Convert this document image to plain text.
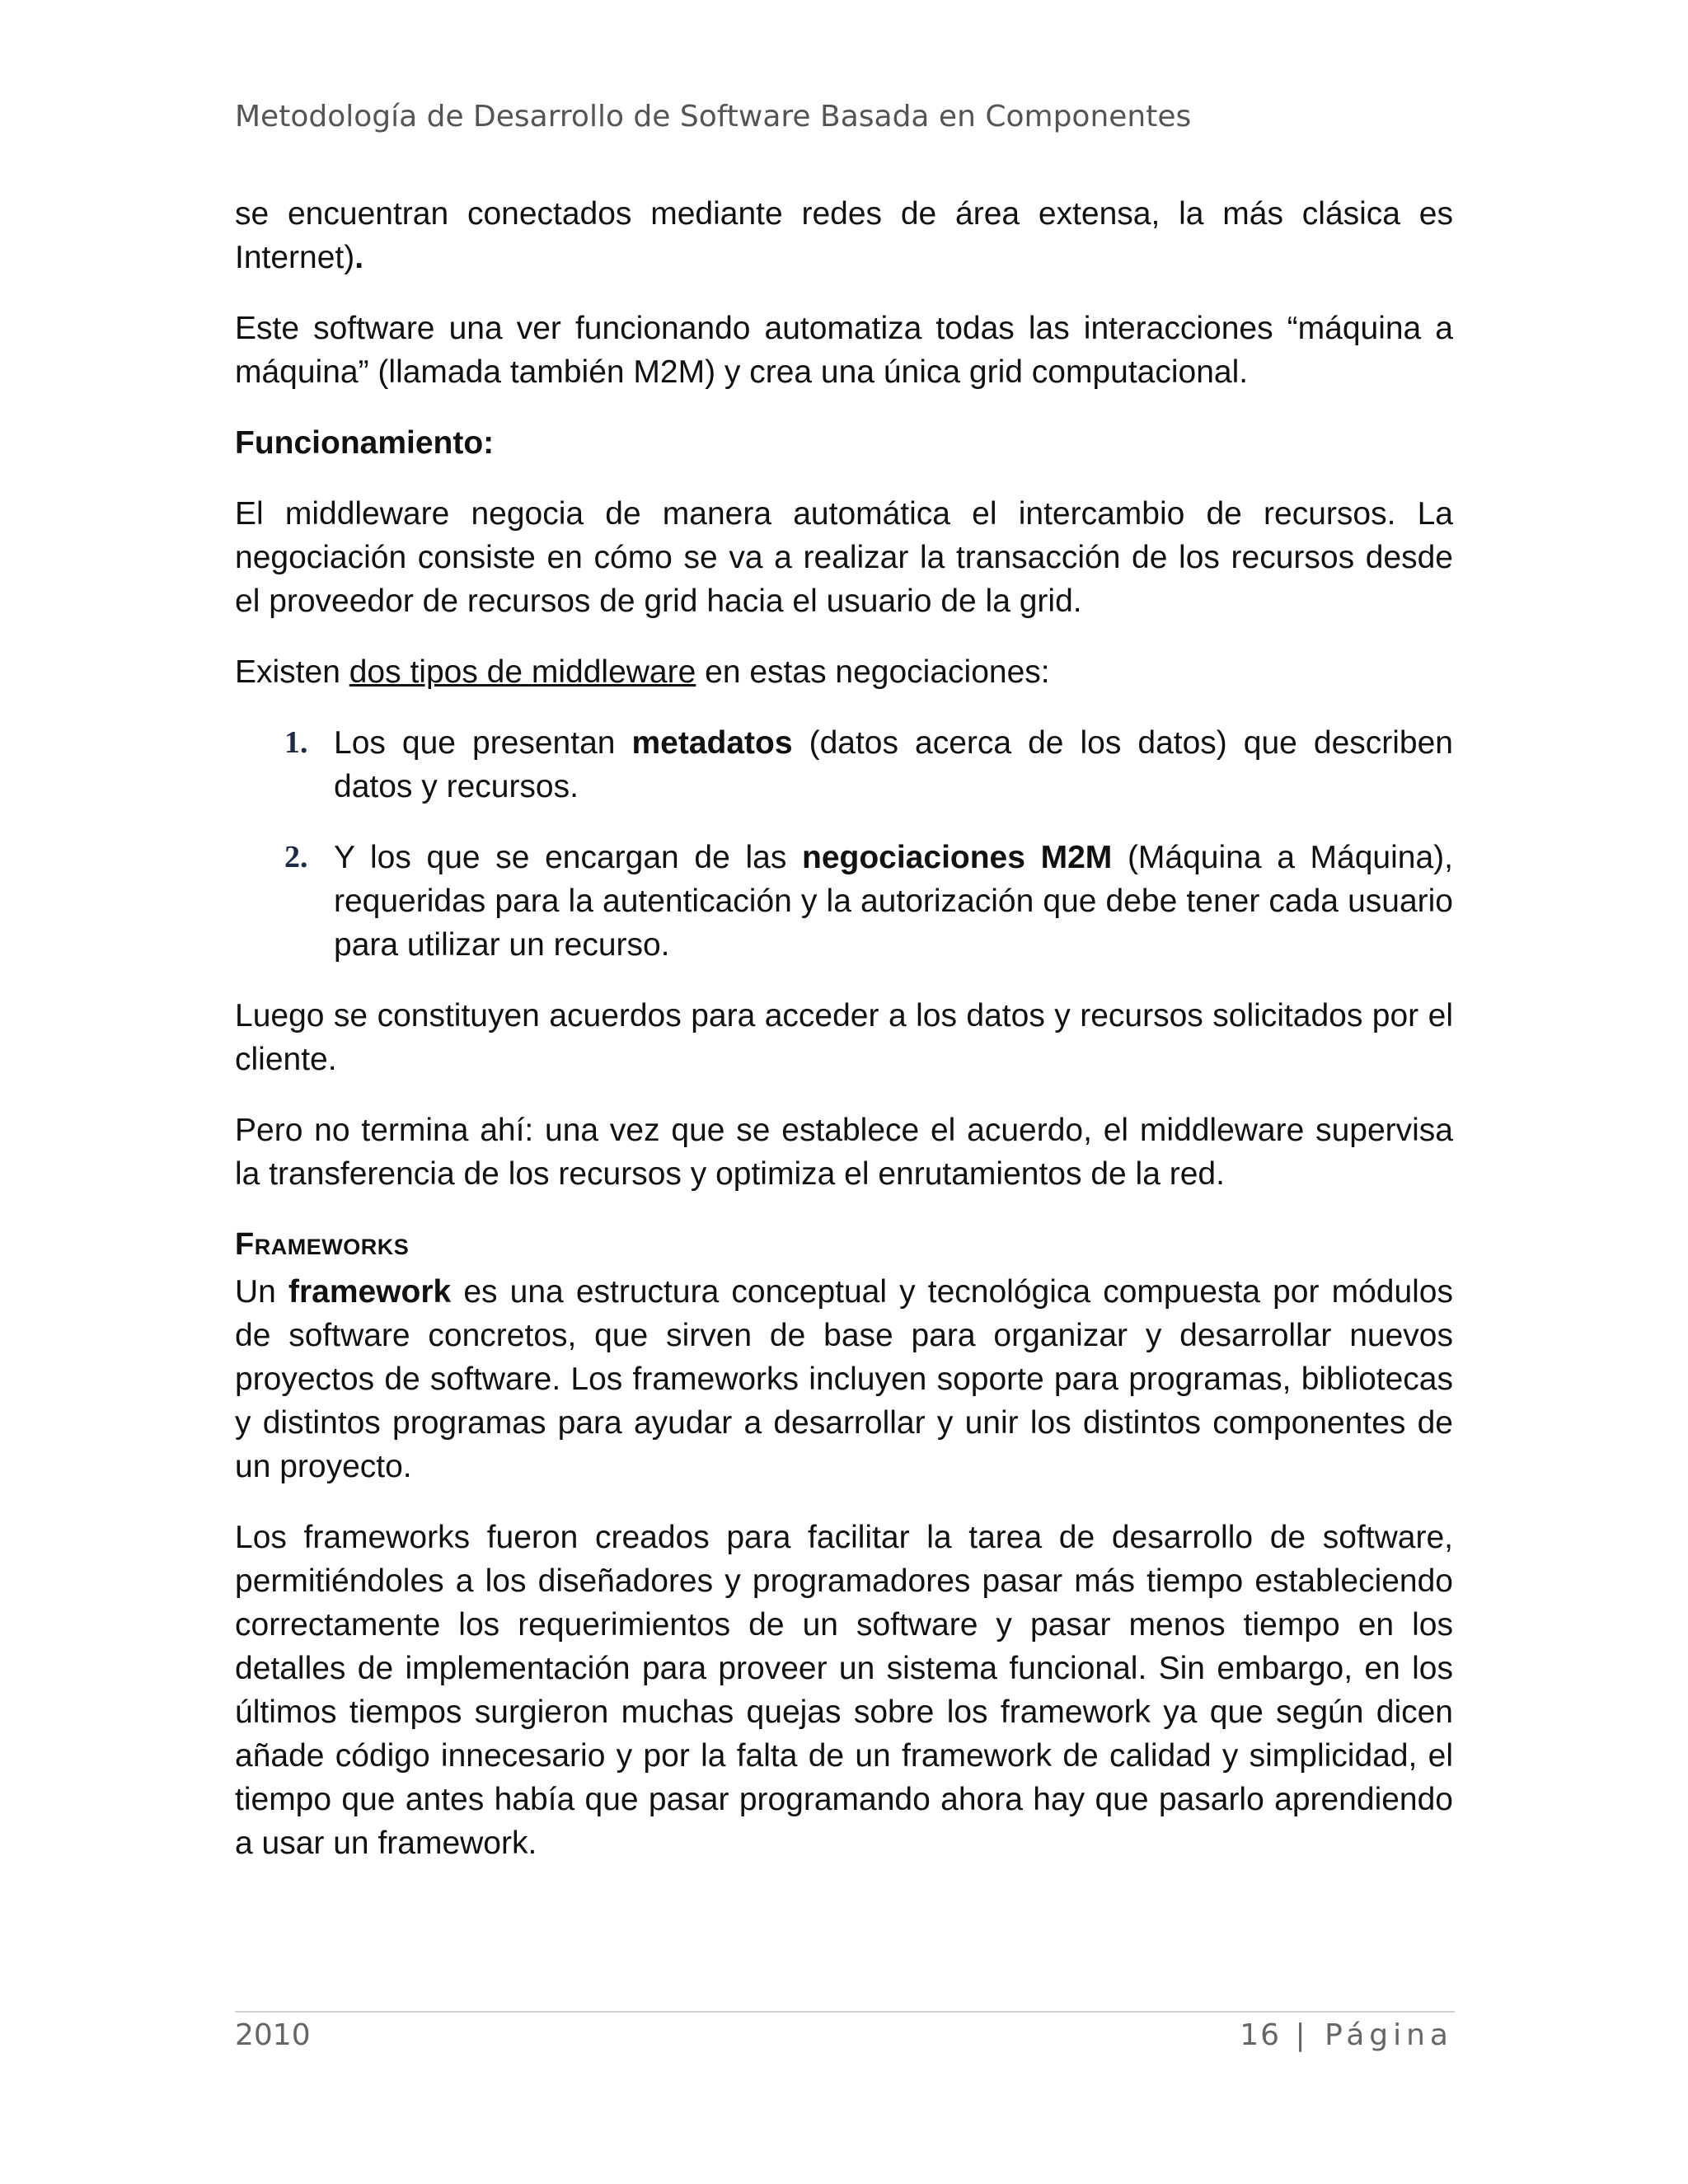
Metodología de Desarrollo de Software Basada en Componentes

se encuentran conectados mediante redes de área extensa, la más clásica es Internet).

Este software una ver funcionando automatiza todas las interacciones “máquina a máquina” (llamada también M2M) y crea una única grid computacional.

Funcionamiento:

El middleware negocia de manera automática el intercambio de recursos. La negociación consiste en cómo se va a realizar la transacción de los recursos desde el proveedor de recursos de grid hacia el usuario de la grid.

Existen dos tipos de middleware en estas negociaciones:

1. Los que presentan metadatos (datos acerca de los datos) que describen datos y recursos.
2. Y los que se encargan de las negociaciones M2M (Máquina a Máquina), requeridas para la autenticación y la autorización que debe tener cada usuario para utilizar un recurso.

Luego se constituyen acuerdos para acceder a los datos y recursos solicitados por el cliente.

Pero no termina ahí: una vez que se establece el acuerdo, el middleware supervisa la transferencia de los recursos y optimiza el enrutamientos de la red.

Frameworks

Un framework es una estructura conceptual y tecnológica compuesta por módulos de software concretos, que sirven de base para organizar y desarrollar nuevos proyectos de software. Los frameworks incluyen soporte para programas, bibliotecas y distintos programas para ayudar a desarrollar y unir los distintos componentes de un proyecto.

Los frameworks fueron creados para facilitar la tarea de desarrollo de software, permitiéndoles a los diseñadores y programadores pasar más tiempo estableciendo correctamente los requerimientos de un software y pasar menos tiempo en los detalles de implementación para proveer un sistema funcional. Sin embargo, en los últimos tiempos surgieron muchas quejas sobre los framework ya que según dicen añade código innecesario y por la falta de un framework de calidad y simplicidad, el tiempo que antes había que pasar programando ahora hay que pasarlo aprendiendo a usar un framework.

2010	16 | Página
